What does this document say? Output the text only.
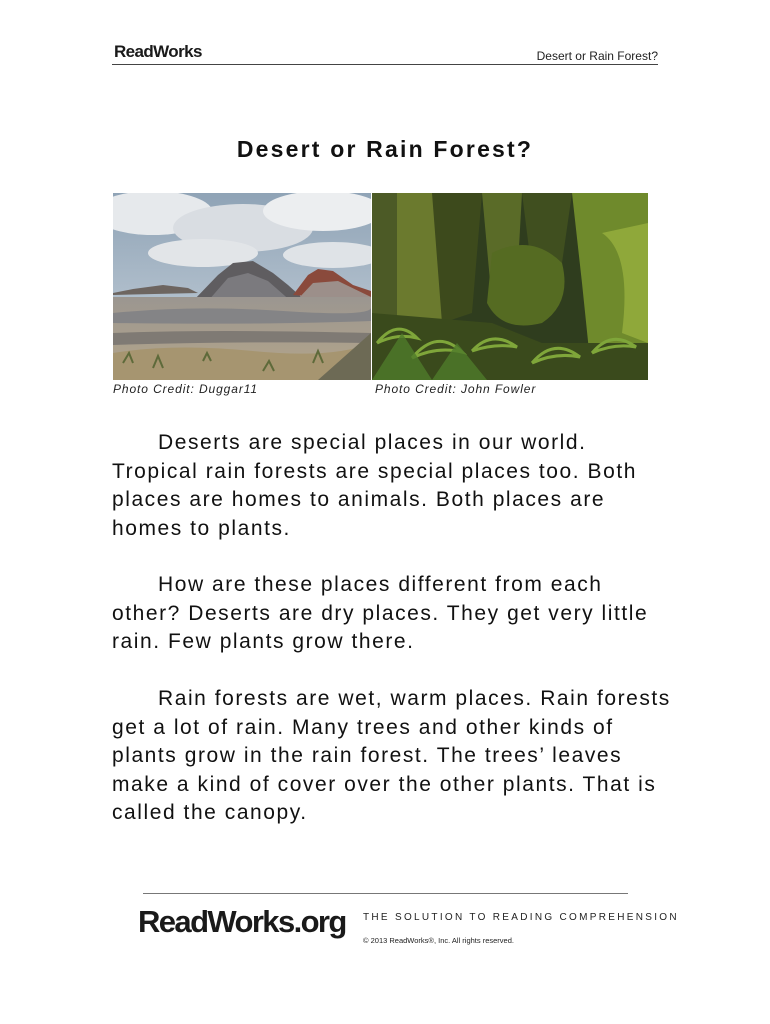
ReadWorks	Desert or Rain Forest?
Desert or Rain Forest?
Photo Credit: Duggar11	Photo Credit: John Fowler

Deserts are special places in our world. Tropical rain forests are special places too. Both places are homes to animals. Both places are homes to plants.

How are these places different from each other? Deserts are dry places. They get very little rain. Few plants grow there.

Rain forests are wet, warm places. Rain forests get a lot of rain. Many trees and other kinds of plants grow in the rain forest. The trees’ leaves make a kind of cover over the other plants. That is called the canopy.

ReadWorks.org THE SOLUTION TO READING COMPREHENSION
© 2013 ReadWorks®, Inc. All rights reserved.
